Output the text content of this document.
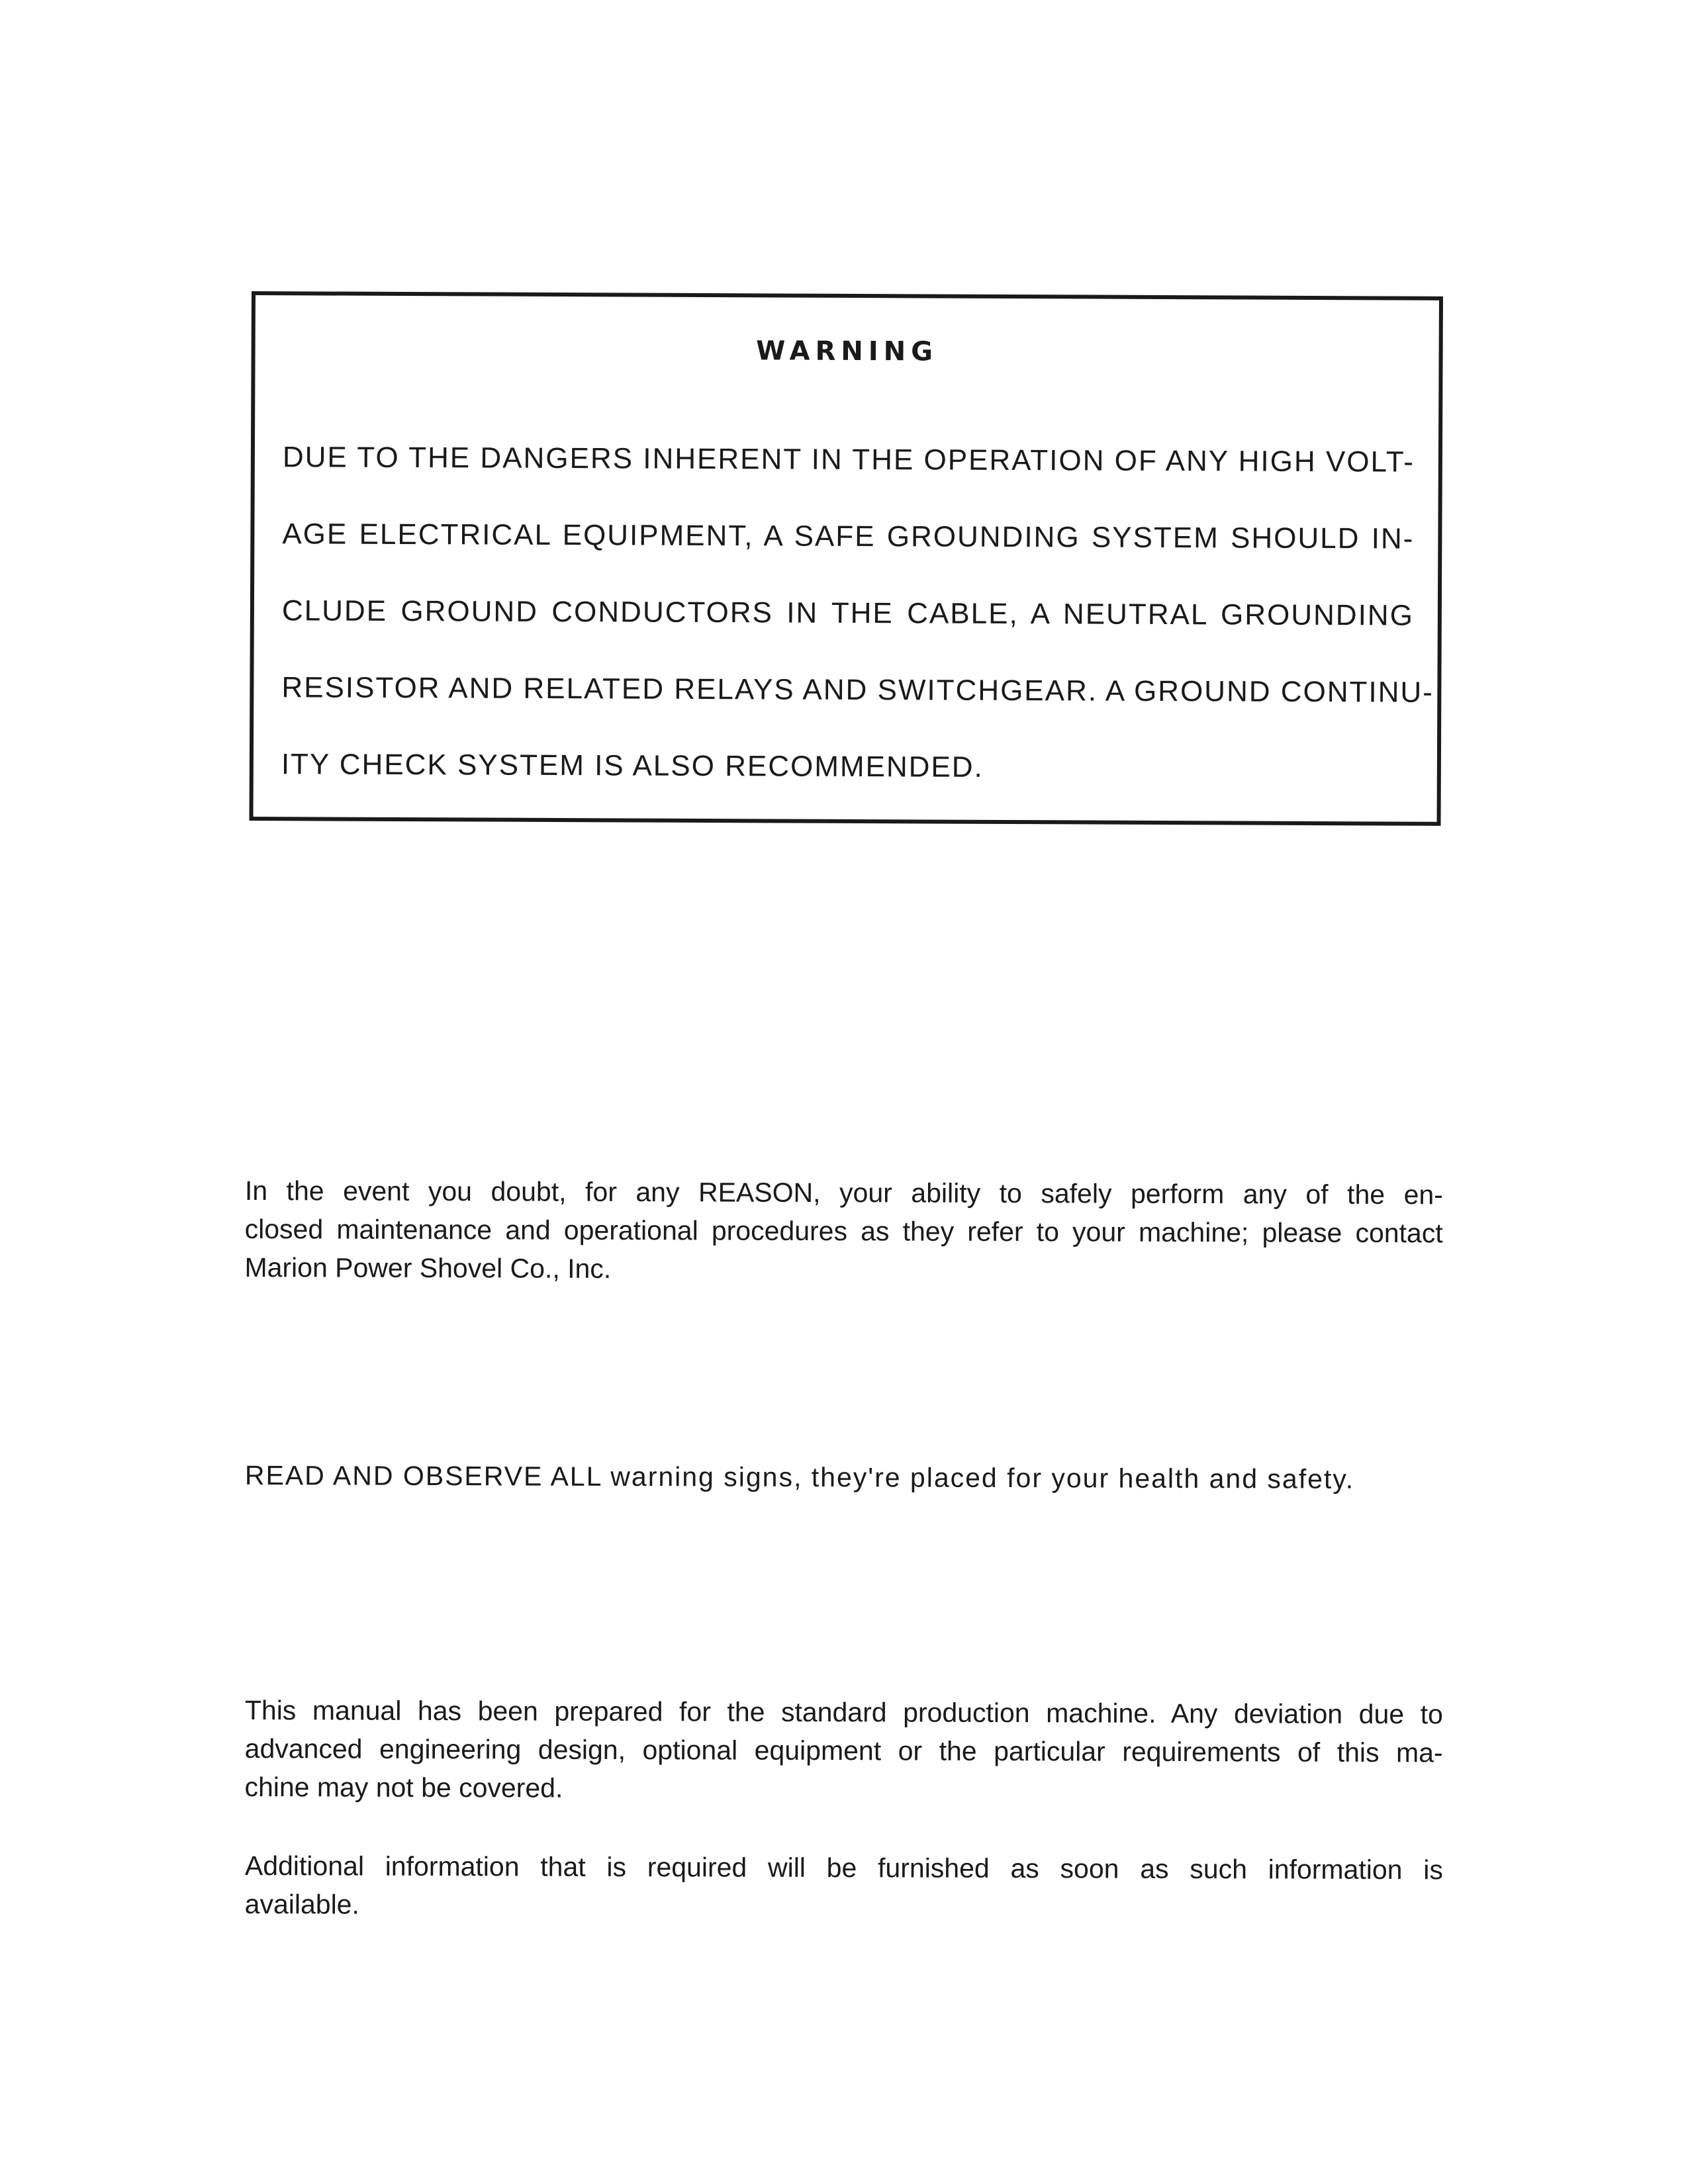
WARNING
DUE TO THE DANGERS INHERENT IN THE OPERATION OF ANY HIGH VOLT-
AGE ELECTRICAL EQUIPMENT, A SAFE GROUNDING SYSTEM SHOULD IN-
CLUDE GROUND CONDUCTORS IN THE CABLE, A NEUTRAL GROUNDING
RESISTOR AND RELATED RELAYS AND SWITCHGEAR. A GROUND CONTINU-
ITY CHECK SYSTEM IS ALSO RECOMMENDED.
In the event you doubt, for any REASON, your ability to safely perform any of the en-
closed maintenance and operational procedures as they refer to your machine; please contact
Marion Power Shovel Co., Inc.
READ AND OBSERVE ALL warning signs, they're placed for your health and safety.
This manual has been prepared for the standard production machine. Any deviation due to
advanced engineering design, optional equipment or the particular requirements of this ma-
chine may not be covered.
Additional information that is required will be furnished as soon as such information is
available.
